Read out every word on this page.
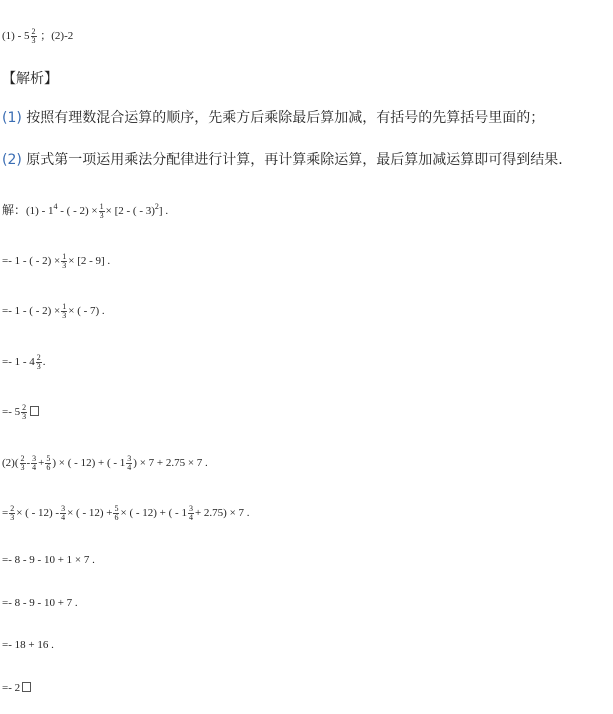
$(1) - 5 \frac{2}{3}$ ；(2)-2
【解析】
(1) 按照有理数混合运算的顺序，先乘方后乘除最后算加减，有括号的先算括号里面的；
(2) 原式第一项运用乘法分配律进行计算，再计算乘除运算，最后算加减运算即可得到结果.
解：$(1) - 1^4$ - ( - $2) \times \frac{1}{3} \times [2$ - ( - 3)$^2$] .
=- 1 - ( - $2) \times \frac{1}{3} \times [2 - 9]$ .
=- 1 - ( - $2) \times \frac{1}{3}$ × ( - 7) .
=- $1 - 4 \frac{2}{3}$ .
=- $5 \frac{2}{3}$
$(2)( \frac{2}{3} - \frac{3}{4} + \frac{5}{6}$ ) × ( - 12) + ( - $1 \frac{3}{4}$ ) × 7 + 2.75 × 7 .
= $\frac{2}{3}$ × ( - $12) - \frac{3}{4}$ × ( - $12) + \frac{5}{6}$ × ( - 12) + ( - $1 \frac{3}{4} + 2.75) \times 7$ .
=- 8 - 9 - 10 + 1 × 7 .
=- 8 - 9 - 10 + 7 .
=- 18 + 16 .
=- 2
